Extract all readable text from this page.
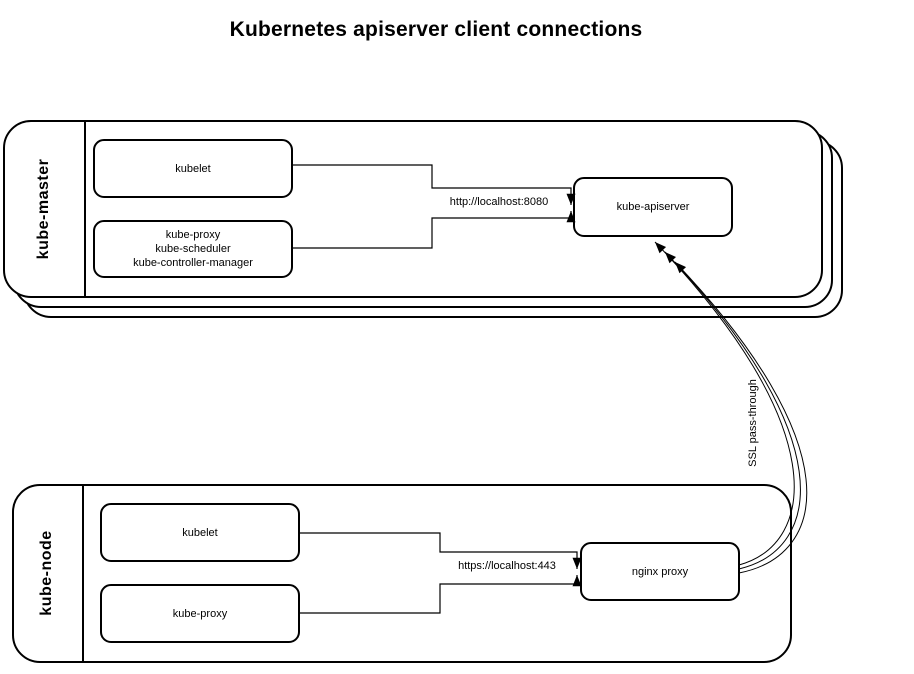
Kubernetes apiserver client connections
kube-master
kube-node
kubelet
kube-proxy
kube-scheduler
kube-controller-manager
kube-apiserver
kubelet
kube-proxy
nginx proxy
http://localhost:8080
https://localhost:443
SSL pass-through
